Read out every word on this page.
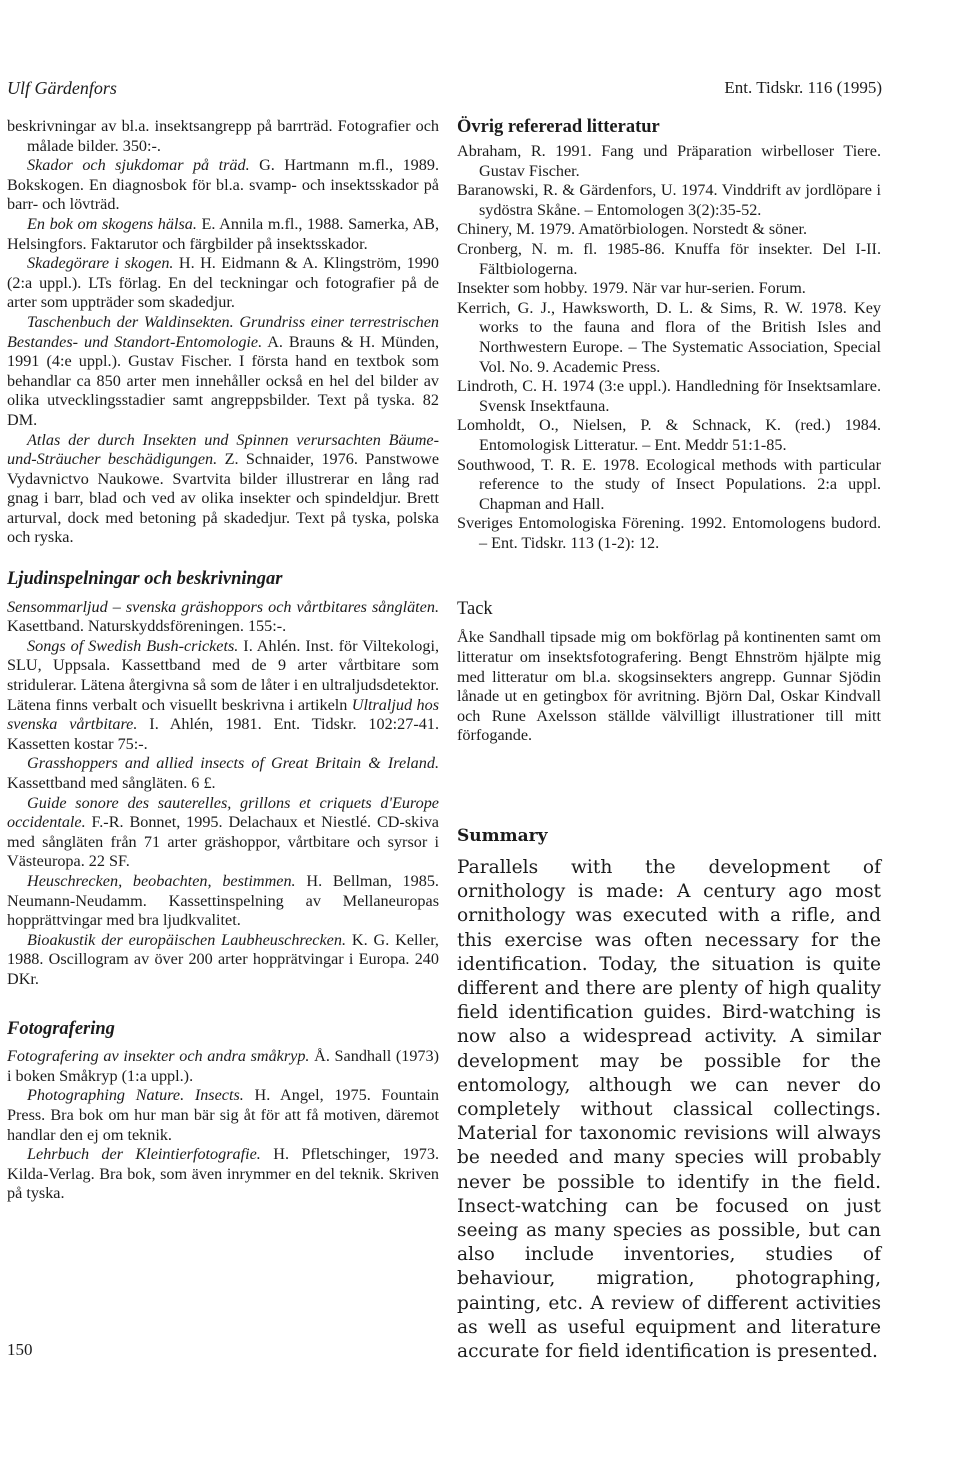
Ulf Gärdenfors	Ent. Tidskr. 116 (1995)

beskrivningar av bl.a. insektsangrepp på barrträd. Fotografier och målade bilder. 350:-.

Skador och sjukdomar på träd. G. Hartmann m.fl., 1989. Bokskogen. En diagnosbok för bl.a. svamp- och insektsskador på barr- och lövträd.

En bok om skogens hälsa. E. Annila m.fl., 1988. Samerka, AB, Helsingfors. Faktarutor och färgbilder på insektsskador.

Skadegörare i skogen. H. H. Eidmann & A. Klingström, 1990 (2:a uppl.). LTs förlag. En del teckningar och fotografier på de arter som uppträder som skadedjur.

Taschenbuch der Waldinsekten. Grundriss einer terrestrischen Bestandes- und Standort-Entomologie. A. Brauns & H. Münden, 1991 (4:e uppl.). Gustav Fischer. I första hand en textbok som behandlar ca 850 arter men innehåller också en hel del bilder av olika utvecklingsstadier samt angreppsbilder. Text på tyska. 82 DM.

Atlas der durch Insekten und Spinnen verursachten Bäume-und-Sträucher beschädigungen. Z. Schnaider, 1976. Panstwowe Vydavnictvo Naukowe. Svartvita bilder illustrerar en lång rad gnag i barr, blad och ved av olika insekter och spindeldjur. Brett arturval, dock med betoning på skadedjur. Text på tyska, polska och ryska.

Ljudinspelningar och beskrivningar

Sensommarljud – svenska gräshoppors och vårtbitares sångläten. Kasettband. Naturskyddsföreningen. 155:-.

Songs of Swedish Bush-crickets. I. Ahlén. Inst. för Viltekologi, SLU, Uppsala. Kassettband med de 9 arter vårtbitare som stridulerar. Lätena återgivna så som de låter i en ultraljudsdetektor. Lätena finns verbalt och visuellt beskrivna i artikeln Ultraljud hos svenska vårtbitare. I. Ahlén, 1981. Ent. Tidskr. 102:27-41. Kassetten kostar 75:-.

Grasshoppers and allied insects of Great Britain & Ireland. Kassettband med sångläten. 6 £.

Guide sonore des sauterelles, grillons et criquets d'Europe occidentale. F.-R. Bonnet, 1995. Delachaux et Niestlé. CD-skiva med sångläten från 71 arter gräshoppor, vårtbitare och syrsor i Västeuropa. 22 SF.

Heuschrecken, beobachten, bestimmen. H. Bellman, 1985. Neumann-Neudamm. Kassettinspelning av Mellaneuropas hopprättvingar med bra ljudkvalitet.

Bioakustik der europäischen Laubheuschrecken. K. G. Keller, 1988. Oscillogram av över 200 arter hopprätvingar i Europa. 240 DKr.

Fotografering

Fotografering av insekter och andra småkryp. Å. Sandhall (1973) i boken Småkryp (1:a uppl.).

Photographing Nature. Insects. H. Angel, 1975. Fountain Press. Bra bok om hur man bär sig åt för att få motiven, däremot handlar den ej om teknik.

Lehrbuch der Kleintierfotografie. H. Pfletschinger, 1973. Kilda-Verlag. Bra bok, som även inrymmer en del teknik. Skriven på tyska.

Övrig refererad litteratur

Abraham, R. 1991. Fang und Präparation wirbelloser Tiere. Gustav Fischer.

Baranowski, R. & Gärdenfors, U. 1974. Vinddrift av jordlöpare i sydöstra Skåne. – Entomologen 3(2):35-52.

Chinery, M. 1979. Amatörbiologen. Norstedt & söner.

Cronberg, N. m. fl. 1985-86. Knuffa för insekter. Del I-II. Fältbiologerna.

Insekter som hobby. 1979. När var hur-serien. Forum.

Kerrich, G. J., Hawksworth, D. L. & Sims, R. W. 1978. Key works to the fauna and flora of the British Isles and Northwestern Europe. – The Systematic Association, Special Vol. No. 9. Academic Press.

Lindroth, C. H. 1974 (3:e uppl.). Handledning för Insektsamlare. Svensk Insektfauna.

Lomholdt, O., Nielsen, P. & Schnack, K. (red.) 1984. Entomologisk Litteratur. – Ent. Meddr 51:1-85.

Southwood, T. R. E. 1978. Ecological methods with particular reference to the study of Insect Populations. 2:a uppl. Chapman and Hall.

Sveriges Entomologiska Förening. 1992. Entomologens budord. – Ent. Tidskr. 113 (1-2): 12.

Tack

Åke Sandhall tipsade mig om bokförlag på kontinenten samt om litteratur om insektsfotografering. Bengt Ehnström hjälpte mig med litteratur om bl.a. skogsinsekters angrepp. Gunnar Sjödin lånade ut en getingbox för avritning. Björn Dal, Oskar Kindvall och Rune Axelsson ställde välvilligt illustrationer till mitt förfogande.

Summary

Parallels with the development of ornithology is made: A century ago most ornithology was executed with a rifle, and this exercise was often necessary for the identification. Today, the situation is quite different and there are plenty of high quality field identification guides. Bird-watching is now also a widespread activity. A similar development may be possible for the entomology, although we can never do completely without classical collectings. Material for taxonomic revisions will always be needed and many species will probably never be possible to identify in the field. Insect-watching can be focused on just seeing as many species as possible, but can also include inventories, studies of behaviour, migration, photographing, painting, etc. A review of different activities as well as useful equipment and literature accurate for field identification is presented.

150
